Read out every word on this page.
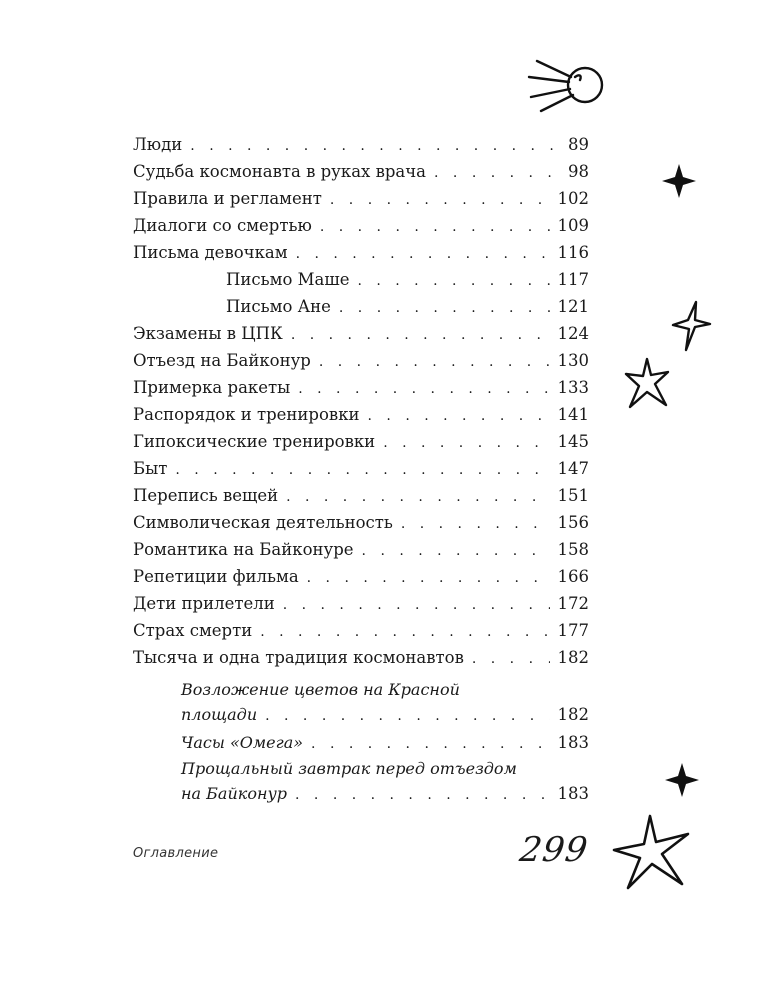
Люди . . .	89
Судьба космонавта в руках врача . . .	98
Правила и регламент . . .	102
Диалоги со смертью . . .	109
Письма девочкам . . .	116
Письмо Маше . . .	117
Письмо Ане . . .	121
Экзамены в ЦПК . . .	124
Отъезд на Байконур . . .	130
Примерка ракеты . . .	133
Распорядок и тренировки . . .	141
Гипоксические тренировки . . .	145
Быт . . .	147
Перепись вещей . . .	151
Символическая деятельность . . .	156
Романтика на Байконуре . . .	158
Репетиции фильма . . .	166
Дети прилетели . . .	172
Страх смерти . . .	177
Тысяча и одна традиция космонавтов . . .	182
Возложение цветов на Красной
площади . . .	182
Часы «Омега» . . .	183
Прощальный завтрак перед отъездом
на Байконур . . .	183
Оглавление	299
